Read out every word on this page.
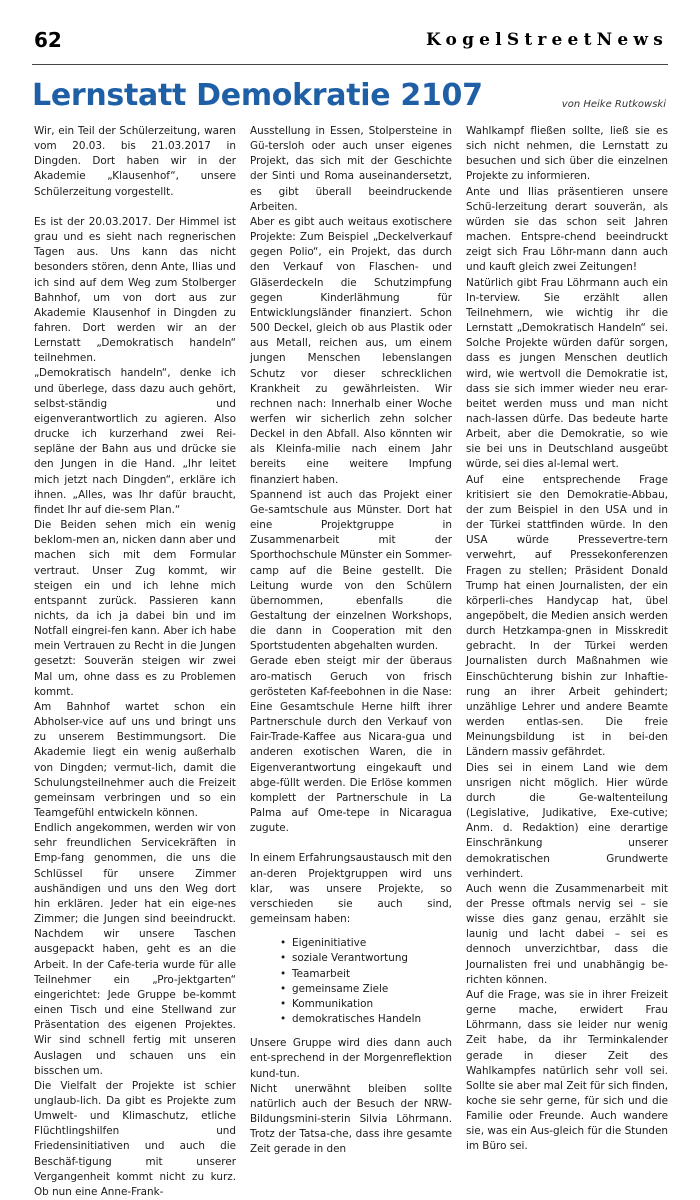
62	KogelStreetNews
Lernstatt Demokratie 2107	von Heike Rutkowski

Wir, ein Teil der Schülerzeitung, waren vom 20.03. bis 21.03.2017 in Dingden. Dort haben wir in der Akademie „Klausenhof“, unsere Schülerzeitung vorgestellt.

Es ist der 20.03.2017. Der Himmel ist grau und es sieht nach regnerischen Tagen aus. Uns kann das nicht besonders stören, denn Ante, Ilias und ich sind auf dem Weg zum Stolberger Bahnhof, um von dort aus zur Akademie Klausenhof in Dingden zu fahren. Dort werden wir an der Lernstatt „Demokratisch handeln“ teilnehmen.

„Demokratisch handeln“, denke ich und überlege, dass dazu auch gehört, selbst-ständig und eigenverantwortlich zu agieren. Also drucke ich kurzerhand zwei Rei-sepläne der Bahn aus und drücke sie den Jungen in die Hand. „Ihr leitet mich jetzt nach Dingden“, erkläre ich ihnen. „Alles, was Ihr dafür braucht, findet Ihr auf die-sem Plan.“

Die Beiden sehen mich ein wenig beklom-men an, nicken dann aber und machen sich mit dem Formular vertraut. Unser Zug kommt, wir steigen ein und ich lehne mich entspannt zurück. Passieren kann nichts, da ich ja dabei bin und im Notfall eingrei-fen kann. Aber ich habe mein Vertrauen zu Recht in die Jungen gesetzt: Souverän steigen wir zwei Mal um, ohne dass es zu Problemen kommt.

Am Bahnhof wartet schon ein Abholser-vice auf uns und bringt uns zu unserem Bestimmungsort. Die Akademie liegt ein wenig außerhalb von Dingden; vermut-lich, damit die Schulungsteilnehmer auch die Freizeit gemeinsam verbringen und so ein Teamgefühl entwickeln können.

Endlich angekommen, werden wir von sehr freundlichen Servicekräften in Emp-fang genommen, die uns die Schlüssel für unsere Zimmer aushändigen und uns den Weg dort hin erklären. Jeder hat ein eige-nes Zimmer; die Jungen sind beeindruckt. Nachdem wir unsere Taschen ausgepackt haben, geht es an die Arbeit. In der Cafe-teria wurde für alle Teilnehmer ein „Pro-jektgarten“ eingerichtet: Jede Gruppe be-kommt einen Tisch und eine Stellwand zur Präsentation des eigenen Projektes. Wir sind schnell fertig mit unseren Auslagen und schauen uns ein bisschen um.

Die Vielfalt der Projekte ist schier unglaub-lich. Da gibt es Projekte zum Umwelt- und Klimaschutz, etliche Flüchtlingshilfen und Friedensinitiativen und auch die Beschäf-tigung mit unserer Vergangenheit kommt nicht zu kurz. Ob nun eine Anne-Frank-

Ausstellung in Essen, Stolpersteine in Gü-tersloh oder auch unser eigenes Projekt, das sich mit der Geschichte der Sinti und Roma auseinandersetzt, es gibt überall beeindruckende Arbeiten.

Aber es gibt auch weitaus exotischere Projekte: Zum Beispiel „Deckelverkauf gegen Polio“, ein Projekt, das durch den Verkauf von Flaschen- und Gläserdeckeln die Schutzimpfung gegen Kinderlähmung für Entwicklungsländer finanziert. Schon 500 Deckel, gleich ob aus Plastik oder aus Metall, reichen aus, um einem jungen Menschen lebenslangen Schutz vor dieser schrecklichen Krankheit zu gewährleisten. Wir rechnen nach: Innerhalb einer Woche werfen wir sicherlich zehn solcher Deckel in den Abfall. Also könnten wir als Kleinfa-milie nach einem Jahr bereits eine weitere Impfung finanziert haben.

Spannend ist auch das Projekt einer Ge-samtschule aus Münster. Dort hat eine Projektgruppe in Zusammenarbeit mit der Sporthochschule Münster ein Sommer-camp auf die Beine gestellt. Die Leitung wurde von den Schülern übernommen, ebenfalls die Gestaltung der einzelnen Workshops, die dann in Cooperation mit den Sportstudenten abgehalten wurden.

Gerade eben steigt mir der überaus aro-matisch Geruch von frisch gerösteten Kaf-feebohnen in die Nase: Eine Gesamtschule Herne hilft ihrer Partnerschule durch den Verkauf von Fair-Trade-Kaffee aus Nicara-gua und anderen exotischen Waren, die in Eigenverantwortung eingekauft und abge-füllt werden. Die Erlöse kommen komplett der Partnerschule in La Palma auf Ome-tepe in Nicaragua zugute.

In einem Erfahrungsaustausch mit den an-deren Projektgruppen wird uns klar, was unsere Projekte, so verschieden sie auch sind, gemeinsam haben:

• Eigeninitiative
• soziale Verantwortung
• Teamarbeit
• gemeinsame Ziele
• Kommunikation
• demokratisches Handeln

Unsere Gruppe wird dies dann auch ent-sprechend in der Morgenreflektion kund-tun.

Nicht unerwähnt bleiben sollte natürlich auch der Besuch der NRW-Bildungsmini-sterin Silvia Löhrmann. Trotz der Tatsa-che, dass ihre gesamte Zeit gerade in den

Wahlkampf fließen sollte, ließ sie es sich nicht nehmen, die Lernstatt zu besuchen und sich über die einzelnen Projekte zu informieren.

Ante und Ilias präsentieren unsere Schü-lerzeitung derart souverän, als würden sie das schon seit Jahren machen. Entspre-chend beeindruckt zeigt sich Frau Löhr-mann dann auch und kauft gleich zwei Zeitungen!

Natürlich gibt Frau Löhrmann auch ein In-terview. Sie erzählt allen Teilnehmern, wie wichtig ihr die Lernstatt „Demokratisch Handeln“ sei. Solche Projekte würden dafür sorgen, dass es jungen Menschen deutlich wird, wie wertvoll die Demokratie ist, dass sie sich immer wieder neu erar-beitet werden muss und man nicht nach-lassen dürfe. Das bedeute harte Arbeit, aber die Demokratie, so wie sie bei uns in Deutschland ausgeübt würde, sei dies al-lemal wert.

Auf eine entsprechende Frage kritisiert sie den Demokratie-Abbau, der zum Beispiel in den USA und in der Türkei stattfinden würde. In den USA würde Pressevertre-tern verwehrt, auf Pressekonferenzen Fragen zu stellen; Präsident Donald Trump hat einen Journalisten, der ein körperli-ches Handycap hat, übel angepöbelt, die Medien ansich werden durch Hetzkampa-gnen in Misskredit gebracht. In der Türkei werden Journalisten durch Maßnahmen wie Einschüchterung bishin zur Inhaftie-rung an ihrer Arbeit gehindert; unzählige Lehrer und andere Beamte werden entlas-sen. Die freie Meinungsbildung ist in bei-den Ländern massiv gefährdet.

Dies sei in einem Land wie dem unsrigen nicht möglich. Hier würde durch die Ge-waltenteilung (Legislative, Judikative, Exe-cutive; Anm. d. Redaktion) eine derartige Einschränkung unserer demokratischen Grundwerte verhindert.

Auch wenn die Zusammenarbeit mit der Presse oftmals nervig sei – sie wisse dies ganz genau, erzählt sie launig und lacht dabei – sei es dennoch unverzichtbar, dass die Journalisten frei und unabhängig be-richten können.

Auf die Frage, was sie in ihrer Freizeit gerne mache, erwidert Frau Löhrmann, dass sie leider nur wenig Zeit habe, da ihr Terminkalender gerade in dieser Zeit des Wahlkampfes natürlich sehr voll sei. Sollte sie aber mal Zeit für sich finden, koche sie sehr gerne, für sich und die Familie oder Freunde. Auch wandere sie, was ein Aus-gleich für die Stunden im Büro sei.
